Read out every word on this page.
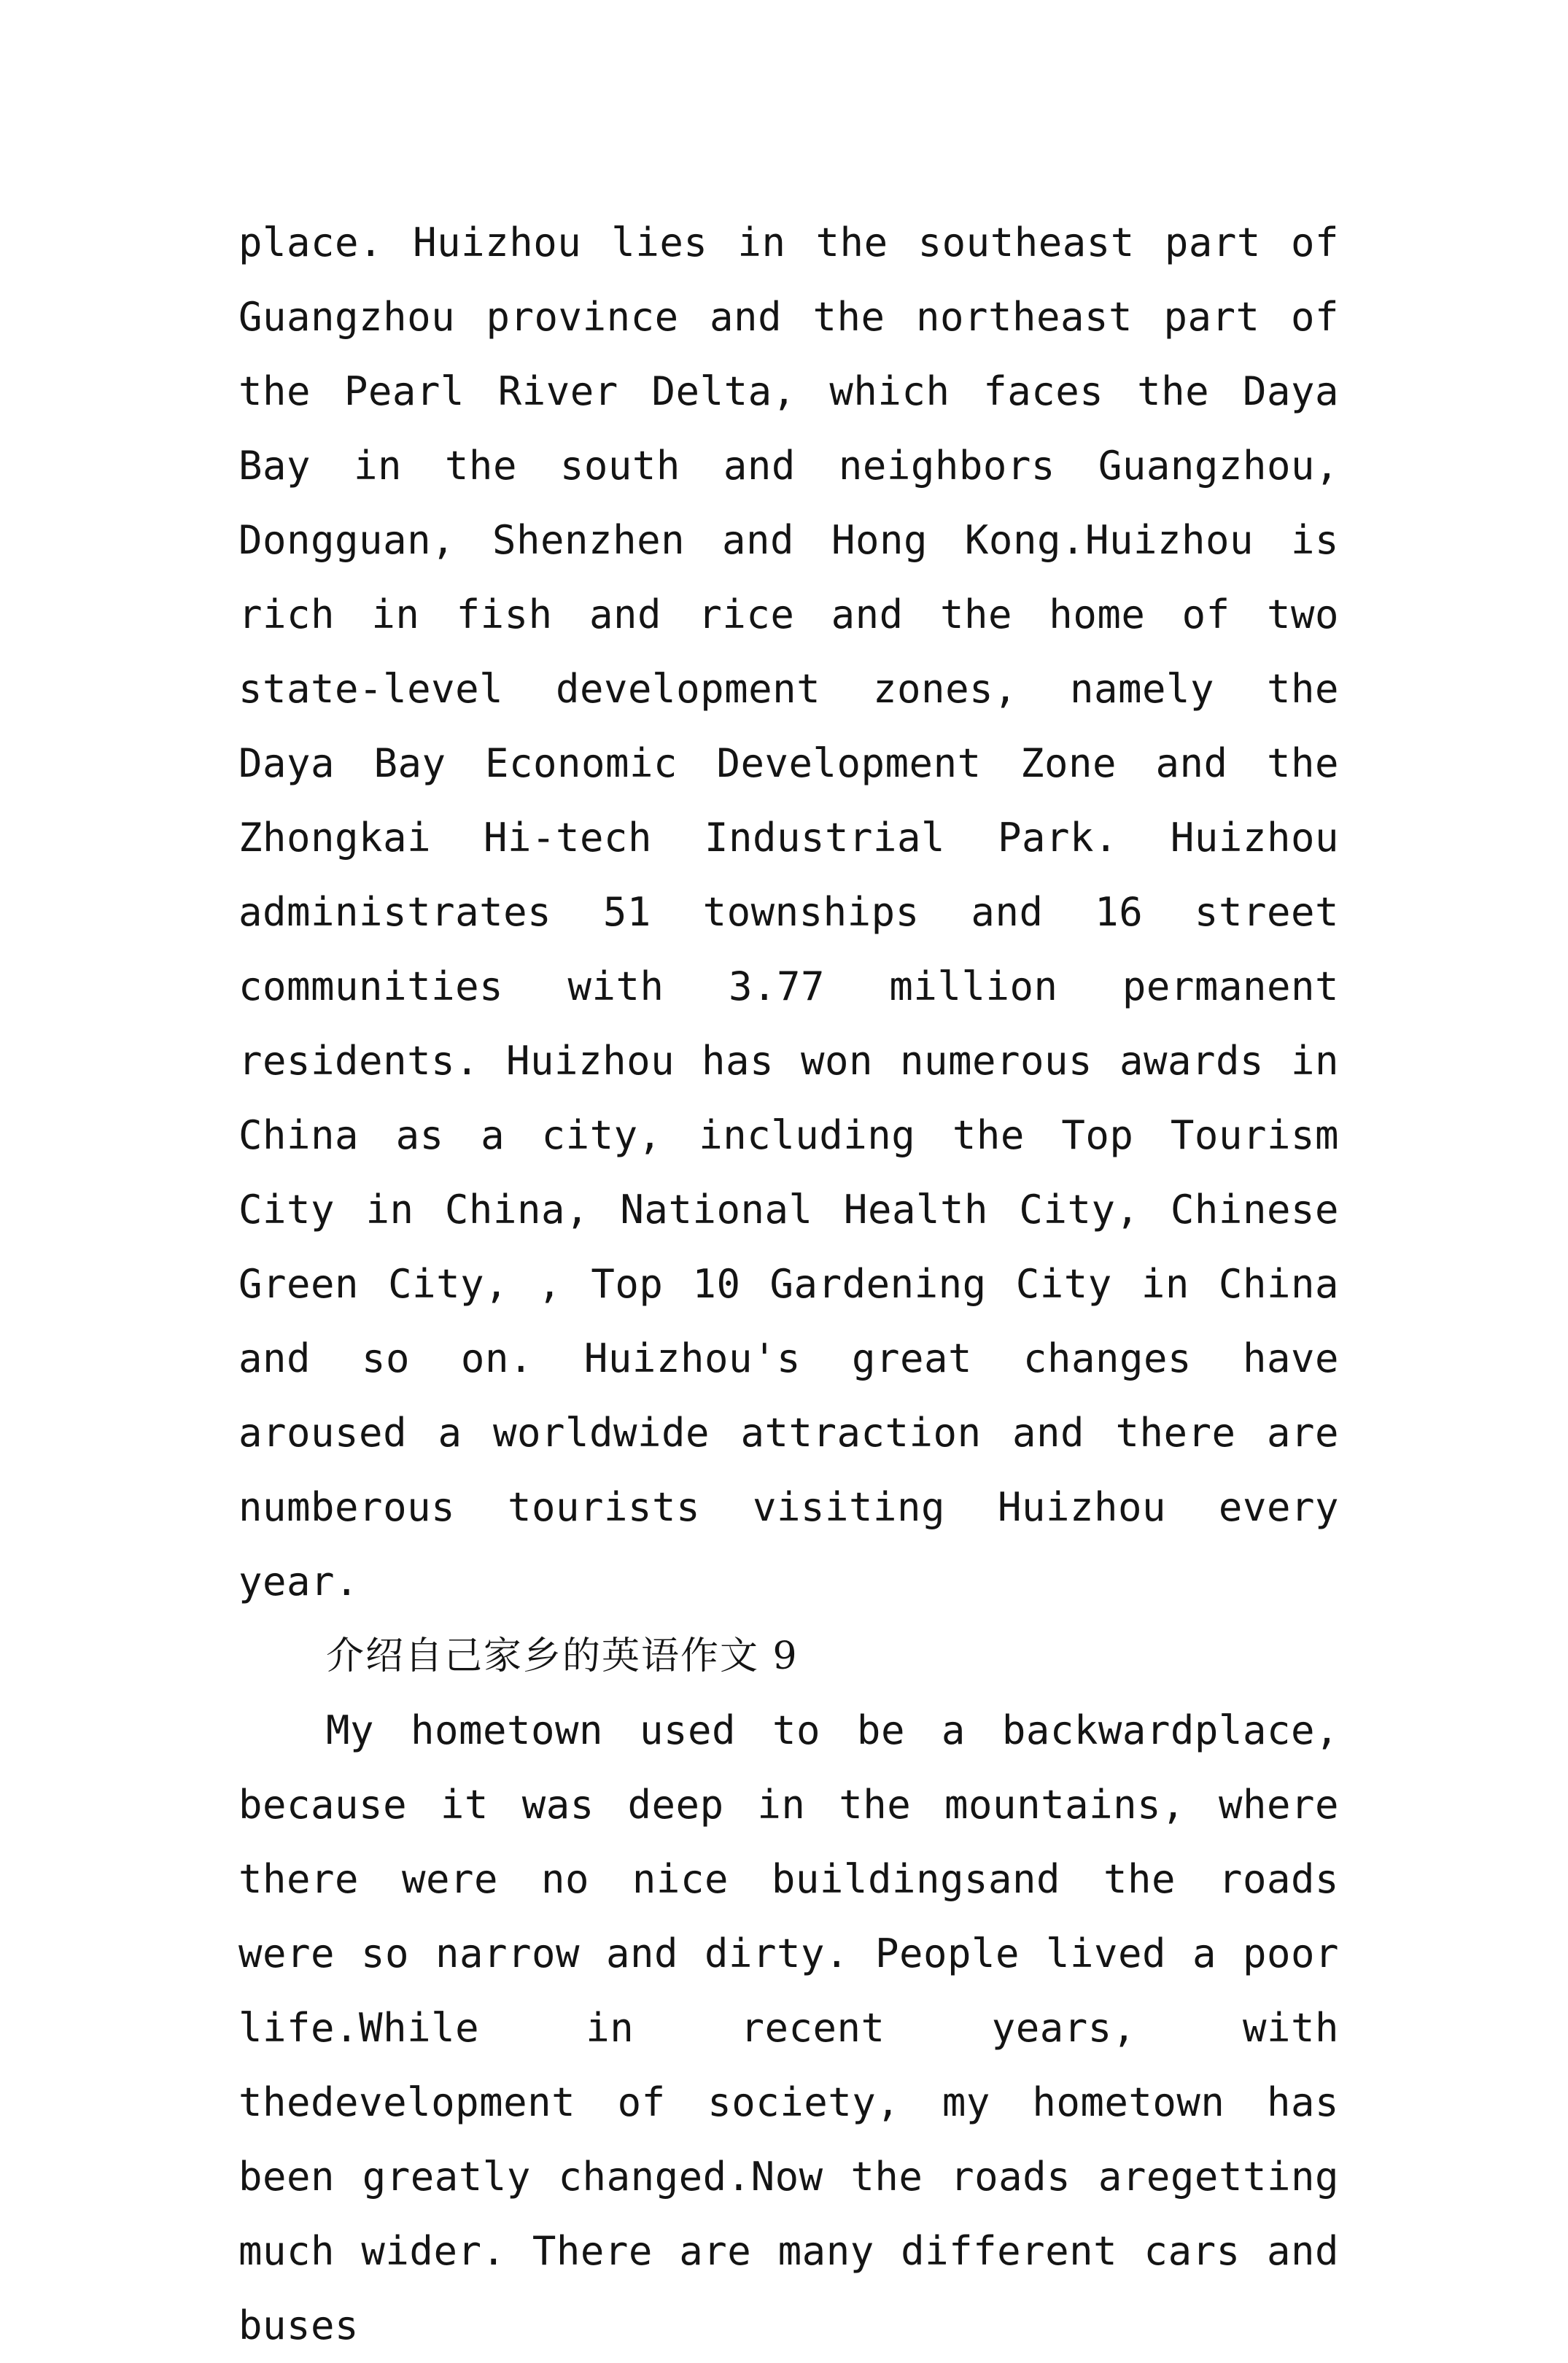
place. Huizhou lies in the southeast part of Guangzhou province and the northeast part of the Pearl River Delta, which faces the Daya Bay in the south and neighbors Guangzhou, Dongguan, Shenzhen and Hong Kong.Huizhou is rich in fish and rice and the home of two state-level development zones, namely the Daya Bay Economic Development Zone and the Zhongkai Hi-tech Industrial Park. Huizhou administrates 51 townships and 16 street communities with 3.77 million permanent residents. Huizhou has won numerous awards in China as a city, including the Top Tourism City in China, National Health City, Chinese Green City, , Top 10 Gardening City in China and so on. Huizhou's great changes have aroused a worldwide attraction and there are numberous tourists visiting Huizhou every year.

介绍自己家乡的英语作文 9

My hometown used to be a backwardplace, because it was deep in the mountains, where there were no nice buildingsand the roads were so narrow and dirty. People lived a poor life.While in recent years, with thedevelopment of society, my hometown has been greatly changed.Now the roads aregetting much wider. There are many different cars and buses
